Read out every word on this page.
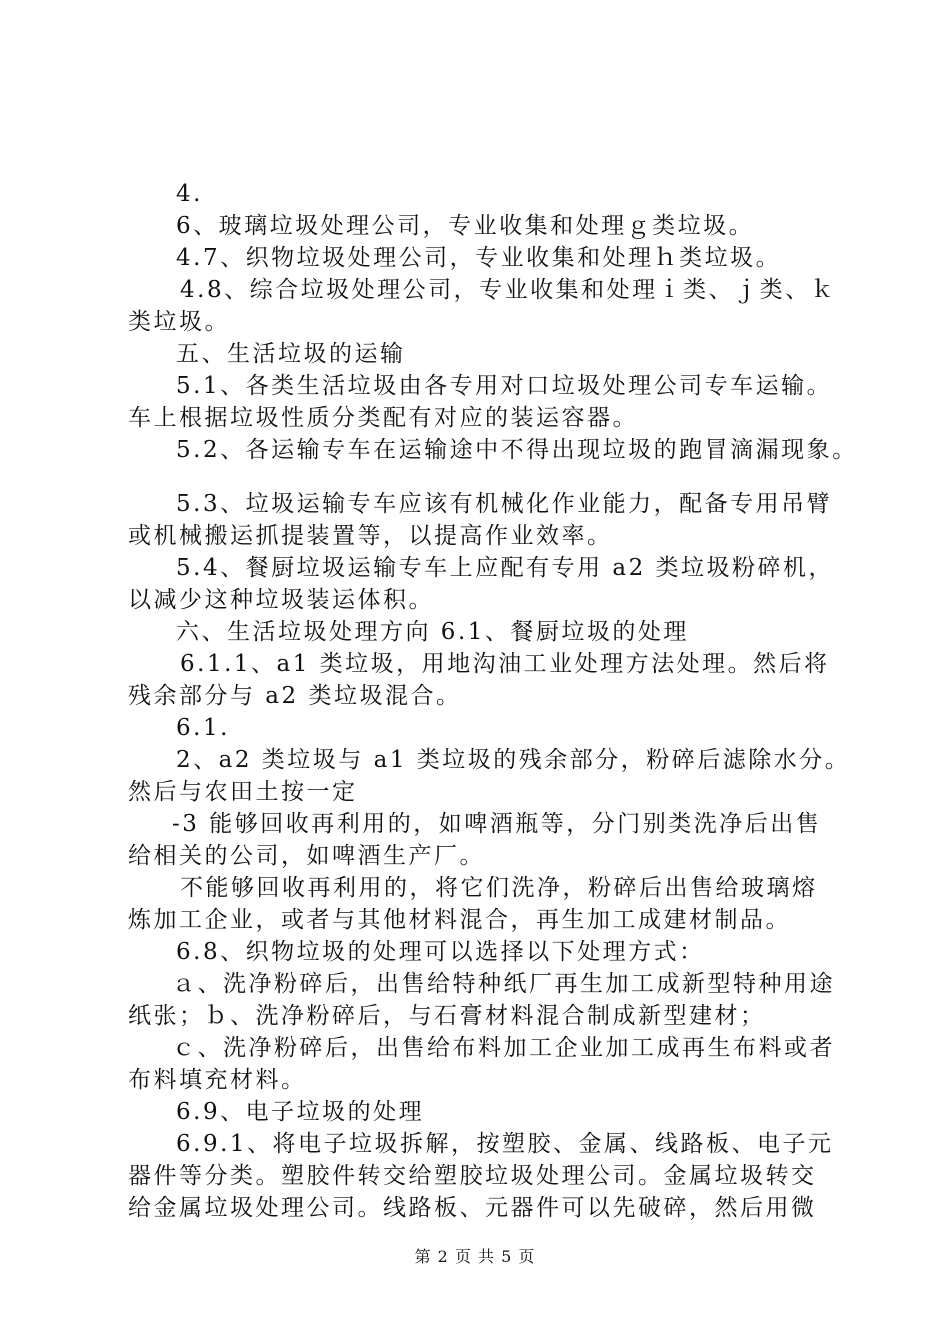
4.
6、玻璃垃圾处理公司，专业收集和处理ｇ类垃圾。
4.7、织物垃圾处理公司，专业收集和处理ｈ类垃圾。
4.8、综合垃圾处理公司，专业收集和处理ｉ类、ｊ类、ｋ
类垃圾。
五、生活垃圾的运输
5.1、各类生活垃圾由各专用对口垃圾处理公司专车运输。
车上根据垃圾性质分类配有对应的装运容器。
5.2、各运输专车在运输途中不得出现垃圾的跑冒滴漏现象。
5.3、垃圾运输专车应该有机械化作业能力，配备专用吊臂
或机械搬运抓提装置等，以提高作业效率。
5.4、餐厨垃圾运输专车上应配有专用 a2 类垃圾粉碎机，
以减少这种垃圾装运体积。
六、生活垃圾处理方向 6.1、餐厨垃圾的处理
6.1.1、a1 类垃圾，用地沟油工业处理方法处理。然后将
残余部分与 a2 类垃圾混合。
6.1.
2、a2 类垃圾与 a1 类垃圾的残余部分，粉碎后滤除水分。
然后与农田土按一定
-3 能够回收再利用的，如啤酒瓶等，分门别类洗净后出售
给相关的公司，如啤酒生产厂。
不能够回收再利用的，将它们洗净，粉碎后出售给玻璃熔
炼加工企业，或者与其他材料混合，再生加工成建材制品。
6.8、织物垃圾的处理可以选择以下处理方式：
ａ、洗净粉碎后，出售给特种纸厂再生加工成新型特种用途
纸张；ｂ、洗净粉碎后，与石膏材料混合制成新型建材；
ｃ、洗净粉碎后，出售给布料加工企业加工成再生布料或者
布料填充材料。
6.9、电子垃圾的处理
6.9.1、将电子垃圾拆解，按塑胶、金属、线路板、电子元
器件等分类。塑胶件转交给塑胶垃圾处理公司。金属垃圾转交
给金属垃圾处理公司。线路板、元器件可以先破碎，然后用微
第 2 页 共 5 页
